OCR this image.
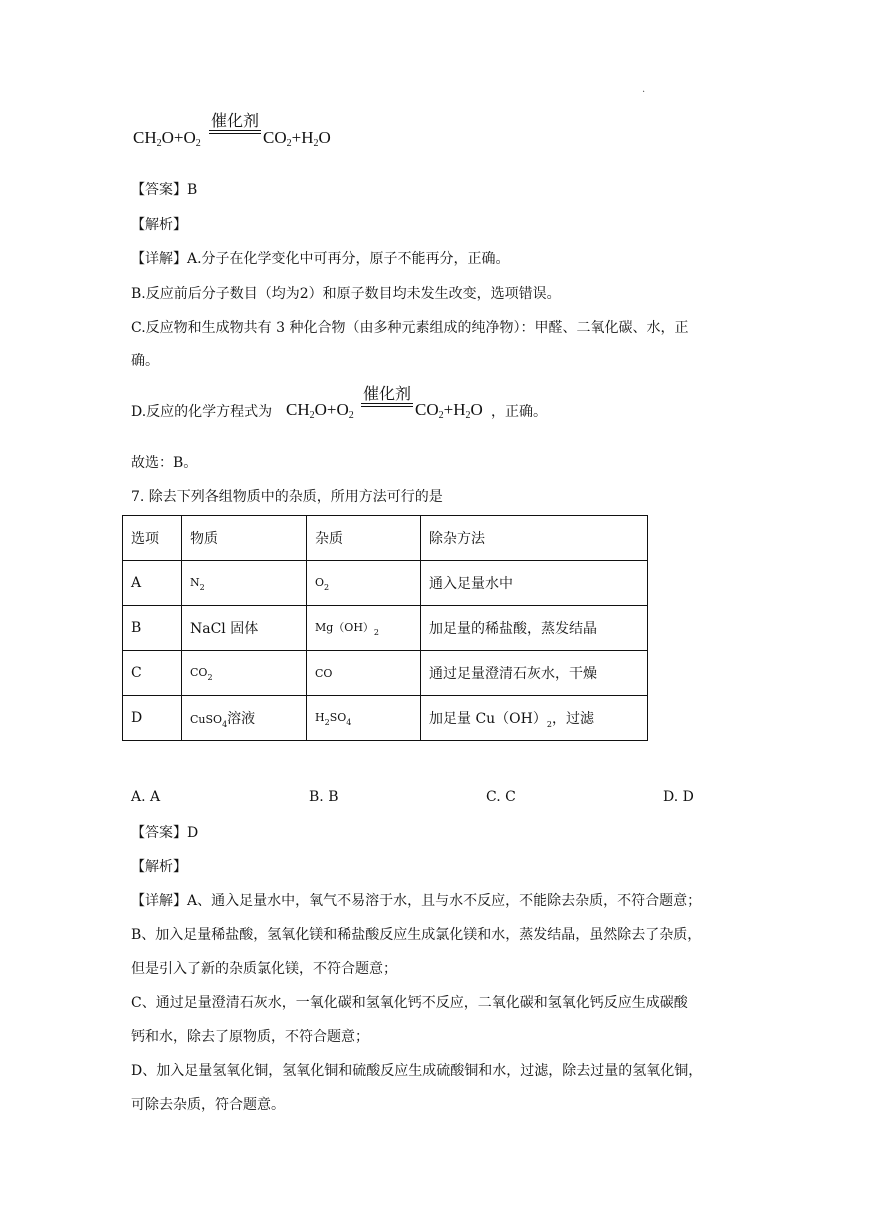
.
$CH_2O+O_2$
催化剂
$CO_2+H_2O$
【答案】B
【解析】
【详解】A.分子在化学变化中可再分，原子不能再分，正确。
B.反应前后分子数目（均为2）和原子数目均未发生改变，选项错误。
C.反应物和生成物共有 3 种化合物（由多种元素组成的纯净物）：甲醛、二氧化碳、水，正
确。
D.反应的化学方程式为 $CH_2O+O_2$
催化剂
$CO_2+H_2O$ ，正确。
故选：B。
7. 除去下列各组物质中的杂质，所用方法可行的是
选项	物质	杂质	除杂方法
A	$N_2$	$O_2$	通入足量水中
B	NaCl 固体	$Mg(OH)_2$	加足量的稀盐酸，蒸发结晶
C	$CO_2$	CO	通过足量澄清石灰水，干燥
D	CuSO$_4$溶液	$H_2SO_4$	加足量 $Cu(OH)_2$，过滤
A. A	B. B	C. C	D. D
【答案】D
【解析】
【详解】A、通入足量水中，氧气不易溶于水，且与水不反应，不能除去杂质，不符合题意；
B、加入足量稀盐酸，氢氧化镁和稀盐酸反应生成氯化镁和水，蒸发结晶，虽然除去了杂质，
但是引入了新的杂质氯化镁，不符合题意；
C、通过足量澄清石灰水，一氧化碳和氢氧化钙不反应，二氧化碳和氢氧化钙反应生成碳酸
钙和水，除去了原物质，不符合题意；
D、加入足量氢氧化铜，氢氧化铜和硫酸反应生成硫酸铜和水，过滤，除去过量的氢氧化铜，
可除去杂质，符合题意。
